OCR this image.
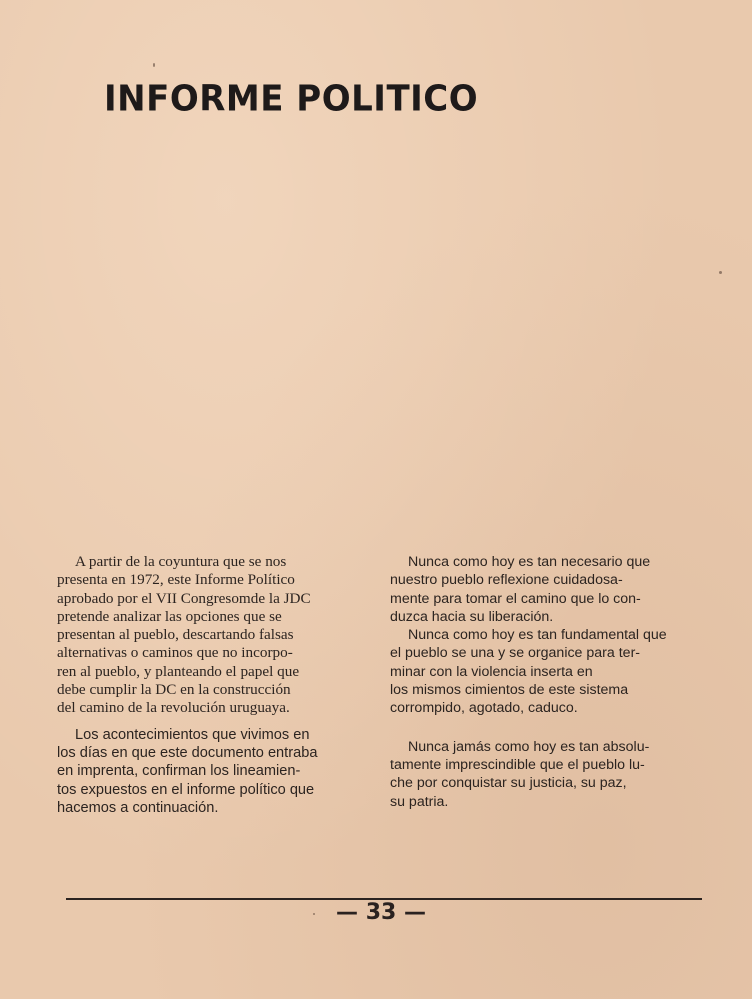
INFORME POLITICO

A partir de la coyuntura que se nos
presenta en 1972, este Informe Político
aprobado por el VII Congresomde la JDC
pretende analizar las opciones que se
presentan al pueblo, descartando falsas
alternativas o caminos que no incorpo-
ren al pueblo, y planteando el papel que
debe cumplir la DC en la construcción
del camino de la revolución uruguaya.

Los acontecimientos que vivimos en
los días en que este documento entraba
en imprenta, confirman los lineamien-
tos expuestos en el informe político que
hacemos a continuación.

Nunca como hoy es tan necesario que
nuestro pueblo reflexione cuidadosa-
mente para tomar el camino que lo con-
duzca hacia su liberación.

Nunca como hoy es tan fundamental que
el pueblo se una y se organice para ter-
minar con la violencia inserta en
los mismos cimientos de este sistema
corrompido, agotado, caduco.

Nunca jamás como hoy es tan absolu-
tamente imprescindible que el pueblo lu-
che por conquistar su justicia, su paz,
su patria.

— 33 —
